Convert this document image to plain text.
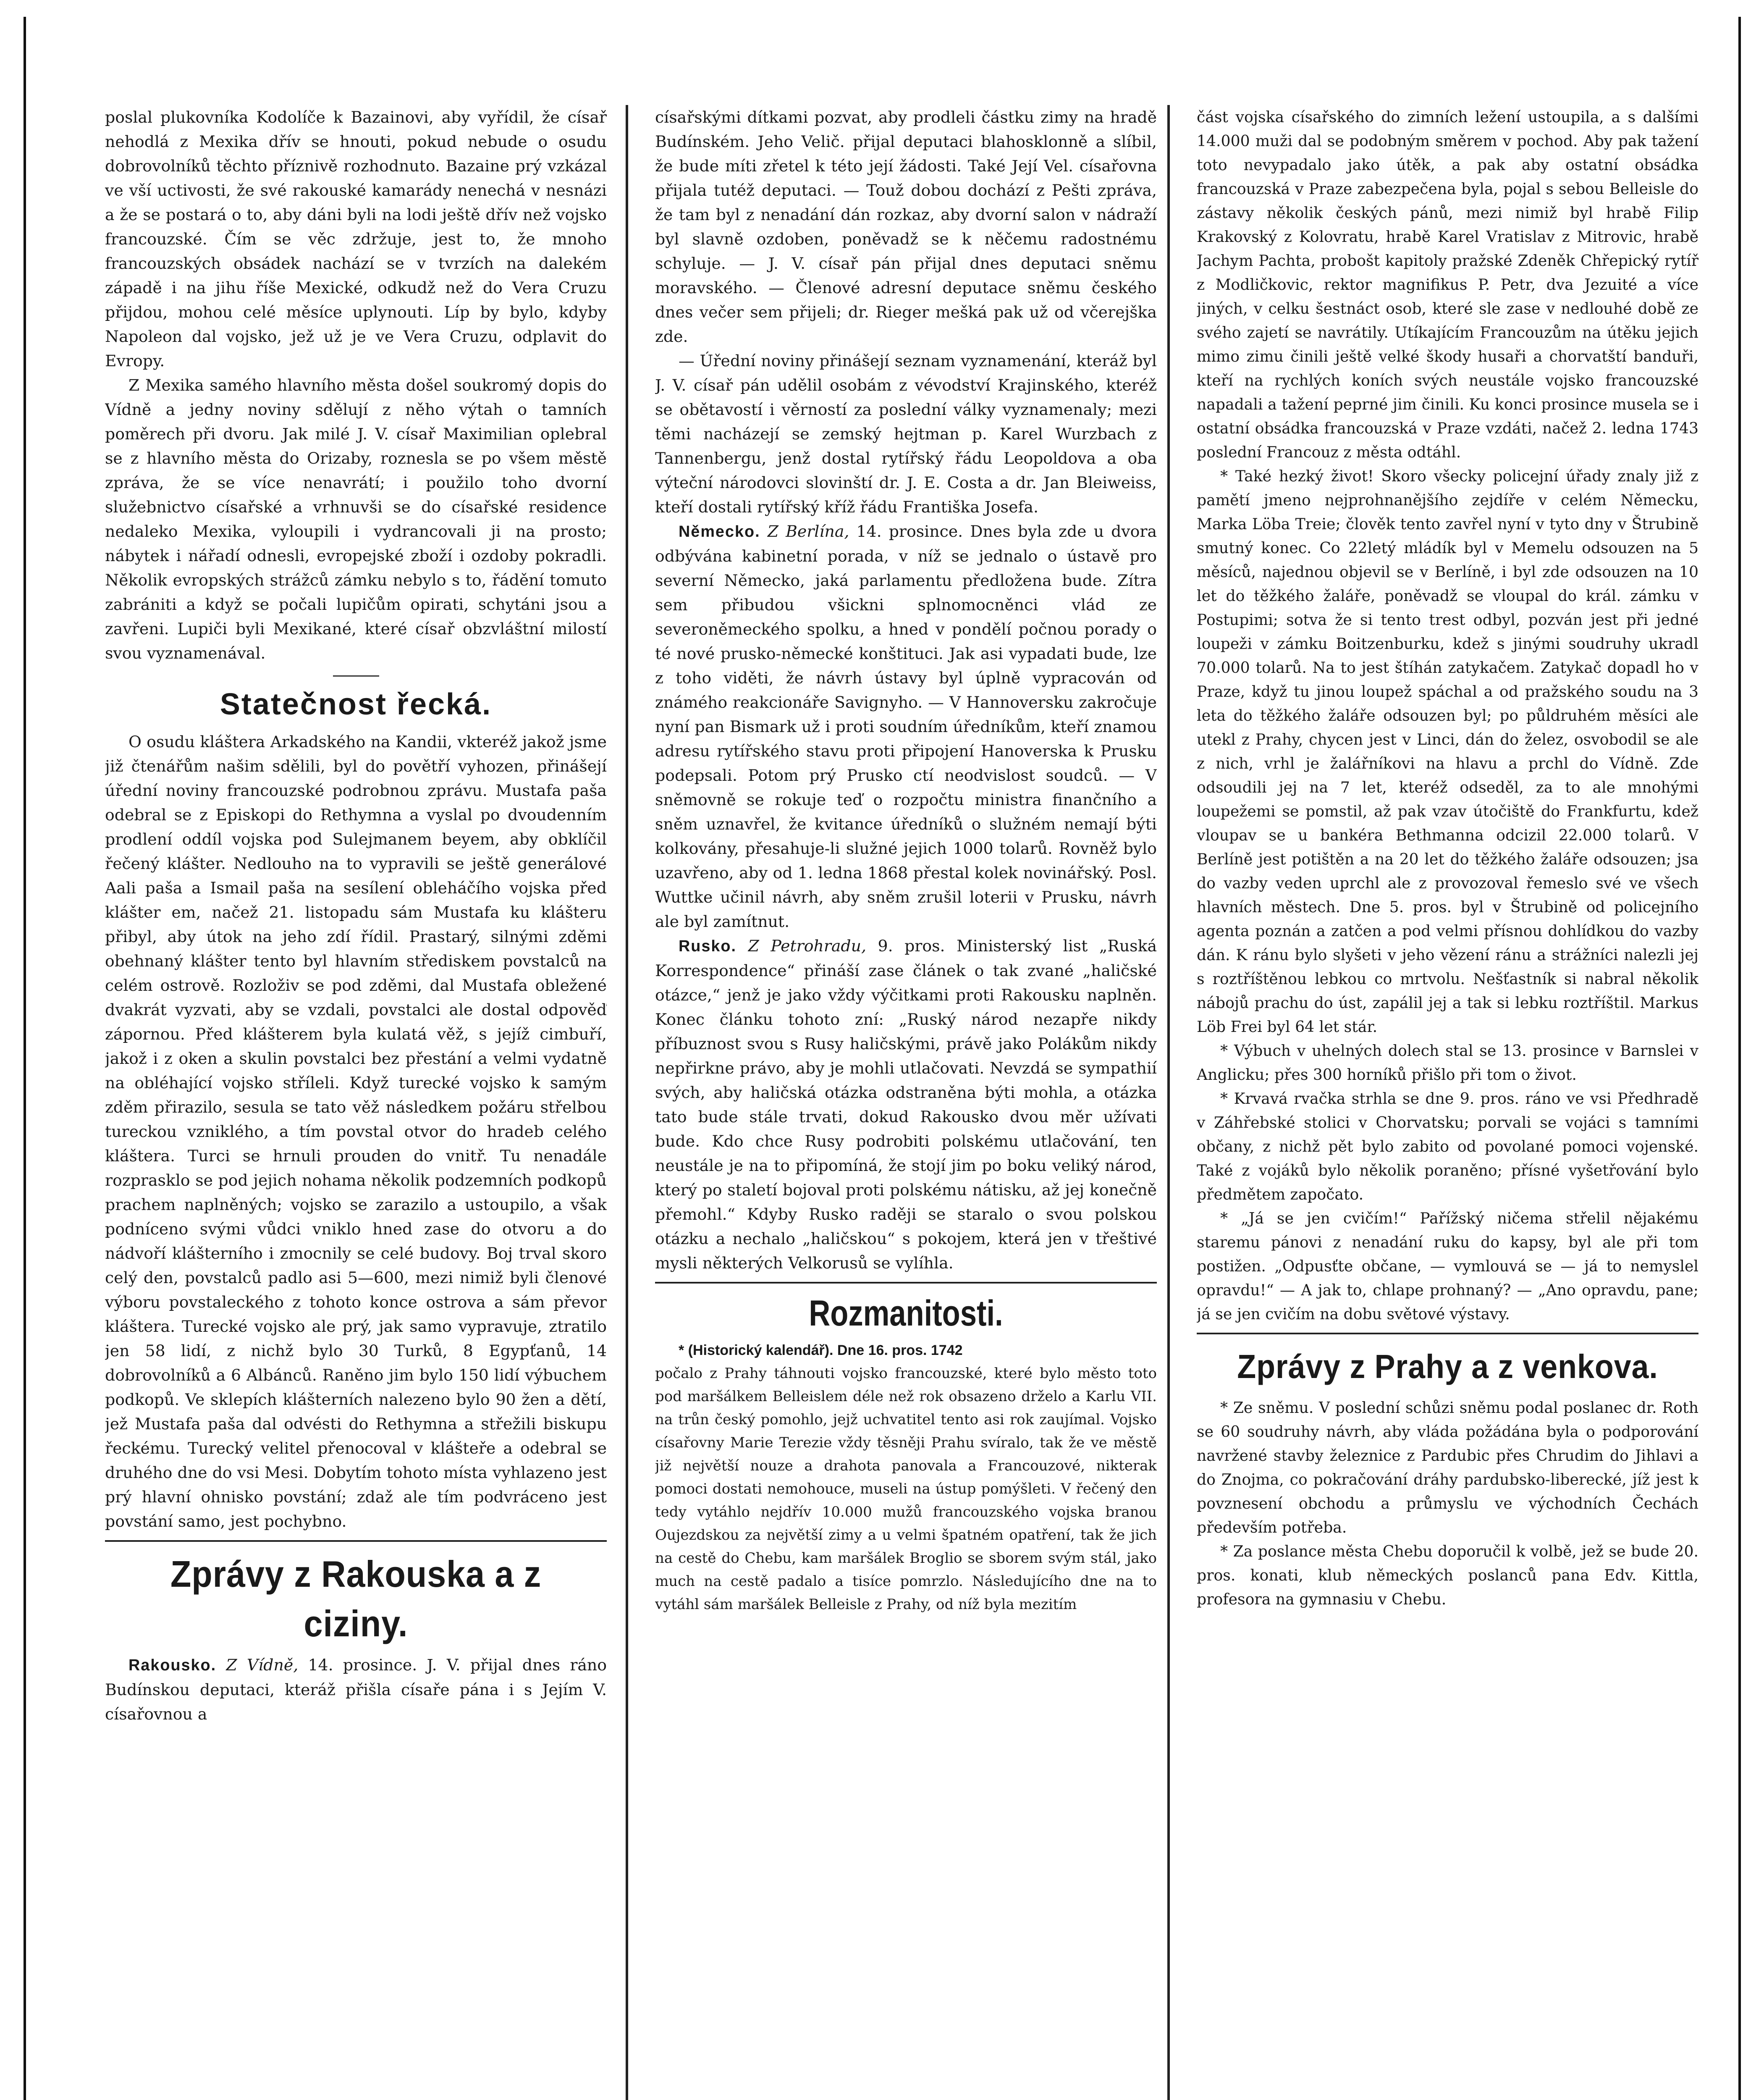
poslal plukovníka Kodolíče k Bazainovi, aby vyřídil, že císař nehodlá z Mexika dřív se hnouti, pokud nebude o osudu dobrovolníků těchto příznivě rozhodnuto. Bazaine prý vzkázal ve vší uctivosti, že své rakouské kamarády nenechá v nesnázi a že se postará o to, aby dáni byli na lodi ještě dřív než vojsko francouzské. Čím se věc zdržuje, jest to, že mnoho francouzských obsádek nachází se v tvrzích na dalekém západě i na jihu říše Mexické, odkudž než do Vera Cruzu přijdou, mohou celé měsíce uplynouti. Líp by bylo, kdyby Napoleon dal vojsko, jež už je ve Vera Cruzu, odplavit do Evropy.

Z Mexika samého hlavního města došel soukromý dopis do Vídně a jedny noviny sdělují z něho výtah o tamních poměrech při dvoru. Jak milé J. V. císař Maximilian oplebral se z hlavního města do Orizaby, roznesla se po všem městě zpráva, že se více nenavrátí; i použilo toho dvorní služebnictvo císařské a vrhnuvši se do císařské residence nedaleko Mexika, vyloupili i vydrancovali ji na prosto; nábytek i nářadí odnesli, evropejské zboží i ozdoby pokradli. Několik evropských strážců zámku nebylo s to, řádění tomuto zabrániti a když se počali lupičům opirati, schytáni jsou a zavřeni. Lupiči byli Mexikané, které císař obzvláštní milostí svou vyznamenával.

Statečnost řecká.

O osudu kláštera Arkadského na Kandii, vkteréž jakož jsme již čtenářům našim sdělili, byl do povětří vyhozen, přinášejí úřední noviny francouzské podrobnou zprávu. Mustafa paša odebral se z Episkopi do Rethymna a vyslal po dvoudenním prodlení oddíl vojska pod Sulejmanem beyem, aby obklíčil řečený klášter. Nedlouho na to vypravili se ještě generálové Aali paša a Ismail paša na sesílení obleháčího vojska před klášter em, načež 21. listopadu sám Mustafa ku klášteru přibyl, aby útok na jeho zdí řídil. Prastarý, silnými zděmi obehnaný klášter tento byl hlavním střediskem povstalců na celém ostrově. Rozloživ se pod zděmi, dal Mustafa obležené dvakrát vyzvati, aby se vzdali, povstalci ale dostal odpověď zápornou. Před klášterem byla kulatá věž, s jejíž cimbuří, jakož i z oken a skulin povstalci bez přestání a velmi vydatně na obléhající vojsko stříleli. Když turecké vojsko k samým zděm přirazilo, sesula se tato věž následkem požáru střelbou tureckou vzniklého, a tím povstal otvor do hradeb celého kláštera. Turci se hrnuli prouden do vnitř. Tu nenadále rozprasklo se pod jejich nohama několik podzemních podkopů prachem naplněných; vojsko se zarazilo a ustoupilo, a však podníceno svými vůdci vniklo hned zase do otvoru a do nádvoří klášterního i zmocnily se celé budovy. Boj trval skoro celý den, povstalců padlo asi 5—600, mezi nimiž byli členové výboru povstaleckého z tohoto konce ostrova a sám převor kláštera. Turecké vojsko ale prý, jak samo vypravuje, ztratilo jen 58 lidí, z nichž bylo 30 Turků, 8 Egypťanů, 14 dobrovolníků a 6 Albánců. Raněno jim bylo 150 lidí výbuchem podkopů. Ve sklepích klášterních nalezeno bylo 90 žen a dětí, jež Mustafa paša dal odvésti do Rethymna a střežili biskupu řeckému. Turecký velitel přenocoval v klášteře a odebral se druhého dne do vsi Mesi. Dobytím tohoto místa vyhlazeno jest prý hlavní ohnisko povstání; zdaž ale tím podvráceno jest povstání samo, jest pochybno.

Zprávy z Rakouska a z ciziny.

Rakousko. Z Vídně, 14. prosince. J. V. přijal dnes ráno Budínskou deputaci, kteráž přišla císaře pána i s Jejím V. císařovnou a

císařskými dítkami pozvat, aby prodleli částku zimy na hradě Budínském. Jeho Velič. přijal deputaci blahosklonně a slíbil, že bude míti zřetel k této její žádosti. Také Její Vel. císařovna přijala tutéž deputaci. — Touž dobou dochází z Pešti zpráva, že tam byl z nenadání dán rozkaz, aby dvorní salon v nádraží byl slavně ozdoben, poněvadž se k něčemu radostnému schyluje. — J. V. císař pán přijal dnes deputaci sněmu moravského. — Členové adresní deputace sněmu českého dnes večer sem přijeli; dr. Rieger mešká pak už od včerejška zde.

— Úřední noviny přinášejí seznam vyznamenání, kteráž byl J. V. císař pán udělil osobám z vévodství Krajinského, kteréž se obětavostí i věrností za poslední války vyznamenaly; mezi těmi nacházejí se zemský hejtman p. Karel Wurzbach z Tannenbergu, jenž dostal rytířský řádu Leopoldova a oba výteční národovci slovinští dr. J. E. Costa a dr. Jan Bleiweiss, kteří dostali rytířský kříž řádu Františka Josefa.

Německo. Z Berlína, 14. prosince. Dnes byla zde u dvora odbývána kabinetní porada, v níž se jednalo o ústavě pro severní Německo, jaká parlamentu předložena bude. Zítra sem přibudou všickni splnomocněnci vlád ze severoněmeckého spolku, a hned v pondělí počnou porady o té nové prusko-německé konštituci. Jak asi vypadati bude, lze z toho viděti, že návrh ústavy byl úplně vypracován od známého reakcionáře Savignyho. — V Hannoversku zakročuje nyní pan Bismark už i proti soudním úředníkům, kteří znamou adresu rytířského stavu proti připojení Hanoverska k Prusku podepsali. Potom prý Prusko ctí neodvislost soudců. — V sněmovně se rokuje teď o rozpočtu ministra finančního a sněm uznavřel, že kvitance úředníků o služném nemají býti kolkovány, přesahuje-li služné jejich 1000 tolarů. Rovněž bylo uzavřeno, aby od 1. ledna 1868 přestal kolek novinářský. Posl. Wuttke učinil návrh, aby sněm zrušil loterii v Prusku, návrh ale byl zamítnut.

Rusko. Z Petrohradu, 9. pros. Ministerský list „Ruská Korrespondence“ přináší zase článek o tak zvané „haličské otázce,“ jenž je jako vždy výčitkami proti Rakousku naplněn. Konec článku tohoto zní: „Ruský národ nezapře nikdy příbuznost svou s Rusy haličskými, právě jako Polákům nikdy nepřirkne právo, aby je mohli utlačovati. Nevzdá se sympathií svých, aby haličská otázka odstraněna býti mohla, a otázka tato bude stále trvati, dokud Rakousko dvou měr užívati bude. Kdo chce Rusy podrobiti polskému utlačování, ten neustále je na to připomíná, že stojí jim po boku veliký národ, který po staletí bojoval proti polskému nátisku, až jej konečně přemohl.“ Kdyby Rusko raději se staralo o svou polskou otázku a nechalo „haličskou“ s pokojem, která jen v třeštivé mysli některých Velkorusů se vylíhla.

Rozmanitosti.

* (Historický kalendář). Dne 16. pros. 1742

počalo z Prahy táhnouti vojsko francouzské, které bylo město toto pod maršálkem Belleislem déle než rok obsazeno drželo a Karlu VII. na trůn český pomohlo, jejž uchvatitel tento asi rok zaujímal. Vojsko císařovny Marie Terezie vždy těsněji Prahu svíralo, tak že ve městě již největší nouze a drahota panovala a Francouzové, nikterak pomoci dostati nemohouce, museli na ústup pomýšleti. V řečený den tedy vytáhlo nejdřív 10.000 mužů francouzského vojska branou Oujezdskou za největší zimy a u velmi špatném opatření, tak že jich na cestě do Chebu, kam maršálek Broglio se sborem svým stál, jako much na cestě padalo a tisíce pomrzlo. Následujícího dne na to vytáhl sám maršálek Belleisle z Prahy, od níž byla mezitím

část vojska císařského do zimních ležení ustoupila, a s dalšími 14.000 muži dal se podobným směrem v pochod. Aby pak tažení toto nevypadalo jako útěk, a pak aby ostatní obsádka francouzská v Praze zabezpečena byla, pojal s sebou Belleisle do zástavy několik českých pánů, mezi nimiž byl hrabě Filip Krakovský z Kolovratu, hrabě Karel Vratislav z Mitrovic, hrabě Jachym Pachta, probošt kapitoly pražské Zdeněk Chřepický rytíř z Modličkovic, rektor magnifikus P. Petr, dva Jezuité a více jiných, v celku šestnáct osob, které sle zase v nedlouhé době ze svého zajetí se navrátily. Utíkajícím Francouzům na útěku jejich mimo zimu činili ještě velké škody husaři a chorvatští banduři, kteří na rychlých koních svých neustále vojsko francouzské napadali a tažení peprné jim činili. Ku konci prosince musela se i ostatní obsádka francouzská v Praze vzdáti, načež 2. ledna 1743 poslední Francouz z města odtáhl.

* Také hezký život! Skoro všecky policejní úřady znaly již z pamětí jmeno nejprohnanějšího zejdíře v celém Německu, Marka Löba Treie; člověk tento zavřel nyní v tyto dny v Štrubině smutný konec. Co 22letý mládík byl v Memelu odsouzen na 5 měsíců, najednou objevil se v Berlíně, i byl zde odsouzen na 10 let do těžkého žaláře, poněvadž se vloupal do král. zámku v Postupimi; sotva že si tento trest odbyl, pozván jest při jedné loupeži v zámku Boitzenburku, kdež s jinými soudruhy ukradl 70.000 tolarů. Na to jest štíhán zatykačem. Zatykač dopadl ho v Praze, když tu jinou loupež spáchal a od pražského soudu na 3 leta do těžkého žaláře odsouzen byl; po půldruhém měsíci ale utekl z Prahy, chycen jest v Linci, dán do želez, osvobodil se ale z nich, vrhl je žalářníkovi na hlavu a prchl do Vídně. Zde odsoudili jej na 7 let, kteréž odseděl, za to ale mnohými loupežemi se pomstil, až pak vzav útočiště do Frankfurtu, kdež vloupav se u bankéra Bethmanna odcizil 22.000 tolarů. V Berlíně jest potištěn a na 20 let do těžkého žaláře odsouzen; jsa do vazby veden uprchl ale z provozoval řemeslo své ve všech hlavních městech. Dne 5. pros. byl v Štrubině od policejního agenta poznán a zatčen a pod velmi přísnou dohlídkou do vazby dán. K ránu bylo slyšeti v jeho vězení ránu a strážníci nalezli jej s roztříštěnou lebkou co mrtvolu. Nešťastník si nabral několik nábojů prachu do úst, zapálil jej a tak si lebku roztříštil. Markus Löb Frei byl 64 let stár.

* Výbuch v uhelných dolech stal se 13. prosince v Barnslei v Anglicku; přes 300 horníků přišlo při tom o život.

* Krvavá rvačka strhla se dne 9. pros. ráno ve vsi Předhradě v Záhřebské stolici v Chorvatsku; porvali se vojáci s tamními občany, z nichž pět bylo zabito od povolané pomoci vojenské. Také z vojáků bylo několik poraněno; přísné vyšetřování bylo předmětem započato.

* „Já se jen cvičím!“ Pařížský ničema střelil nějakému staremu pánovi z nenadání ruku do kapsy, byl ale při tom postižen. „Odpusťte občane, — vymlouvá se — já to nemyslel opravdu!“ — A jak to, chlape prohnaný? — „Ano opravdu, pane; já se jen cvičím na dobu světové výstavy.

Zprávy z Prahy a z venkova.

* Ze sněmu. V poslední schůzi sněmu podal poslanec dr. Roth se 60 soudruhy návrh, aby vláda požádána byla o podporování navržené stavby železnice z Pardubic přes Chrudim do Jihlavi a do Znojma, co pokračování dráhy pardubsko-liberecké, jíž jest k povznesení obchodu a průmyslu ve východních Čechách především potřeba.

* Za poslance města Chebu doporučil k volbě, jež se bude 20. pros. konati, klub německých poslanců pana Edv. Kittla, profesora na gymnasiu v Chebu.
